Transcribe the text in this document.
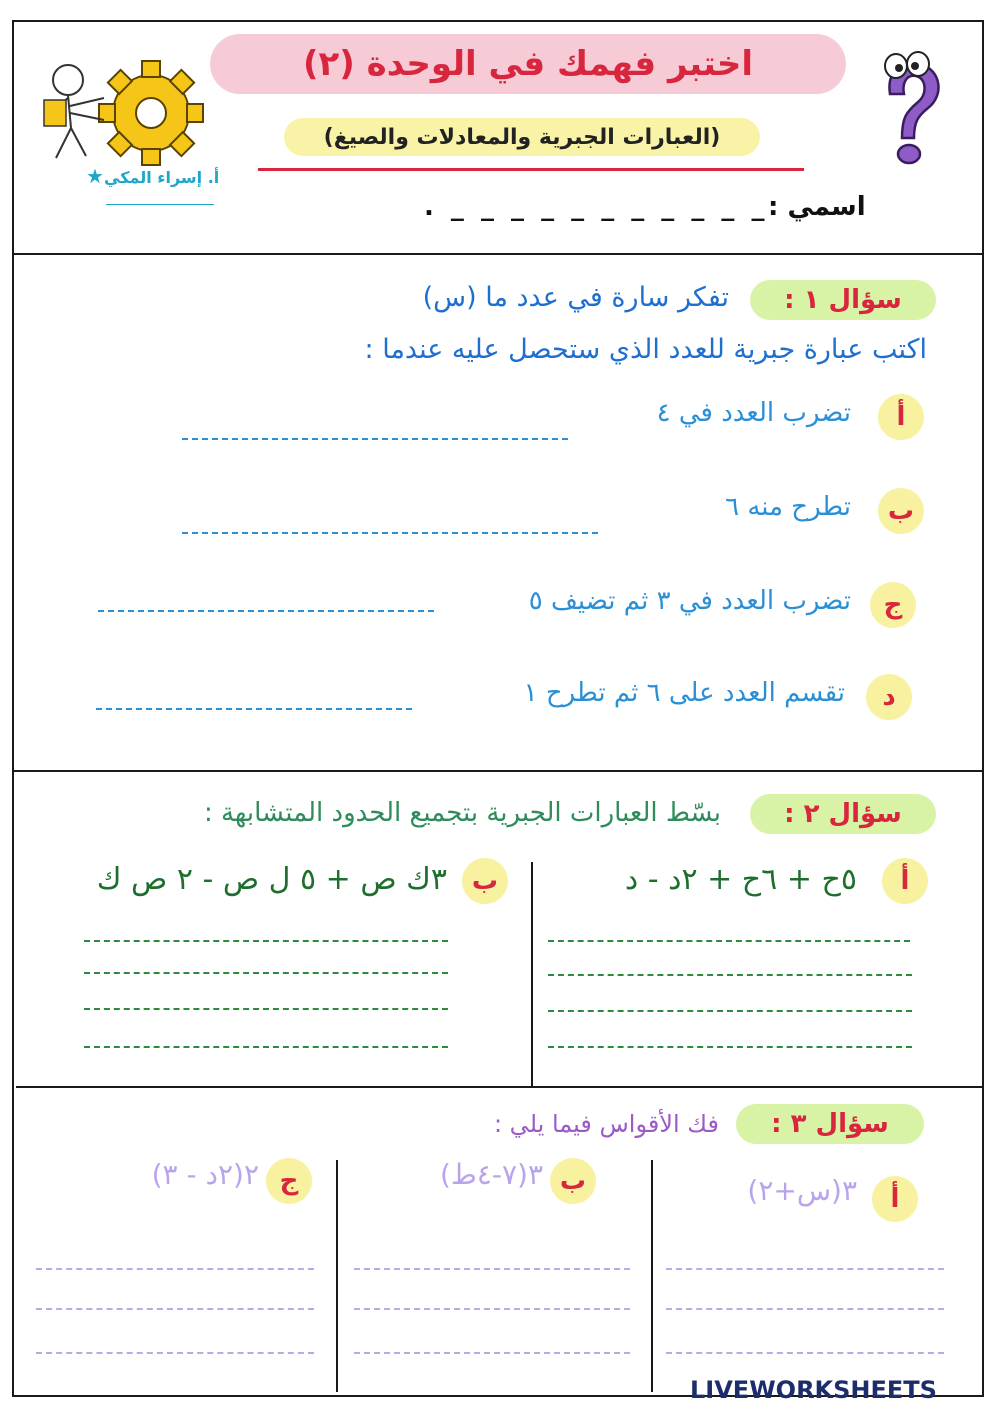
أ. إسراء المكي
★
اختبر فهمك في الوحدة (٢)
(العبارات الجبرية والمعادلات والصيغ)
اسمي :
. _ _ _ _ _ _ _ _ _ _ _
سؤال ١ :
تفكر سارة في عدد ما (س)
اكتب عبارة جبرية للعدد الذي ستحصل عليه عندما :
أ
تضرب العدد في ٤
ب
تطرح منه ٦
ج
تضرب العدد في ٣ ثم تضيف ٥
د
تقسم العدد على ٦ ثم تطرح ١
سؤال ٢ :
بسّط العبارات الجبرية بتجميع الحدود المتشابهة :
أ
٥ح + ٦ح + ٢د - د
ب
٣ك ص + ٥ ل ص - ٢ ص ك
سؤال ٣ :
فك الأقواس فيما يلي :
أ
٣(س+٢)
ب
٣(٧-٤ط)
ج
٢(٢د - ٣)
LIVEWORKSHEETS
